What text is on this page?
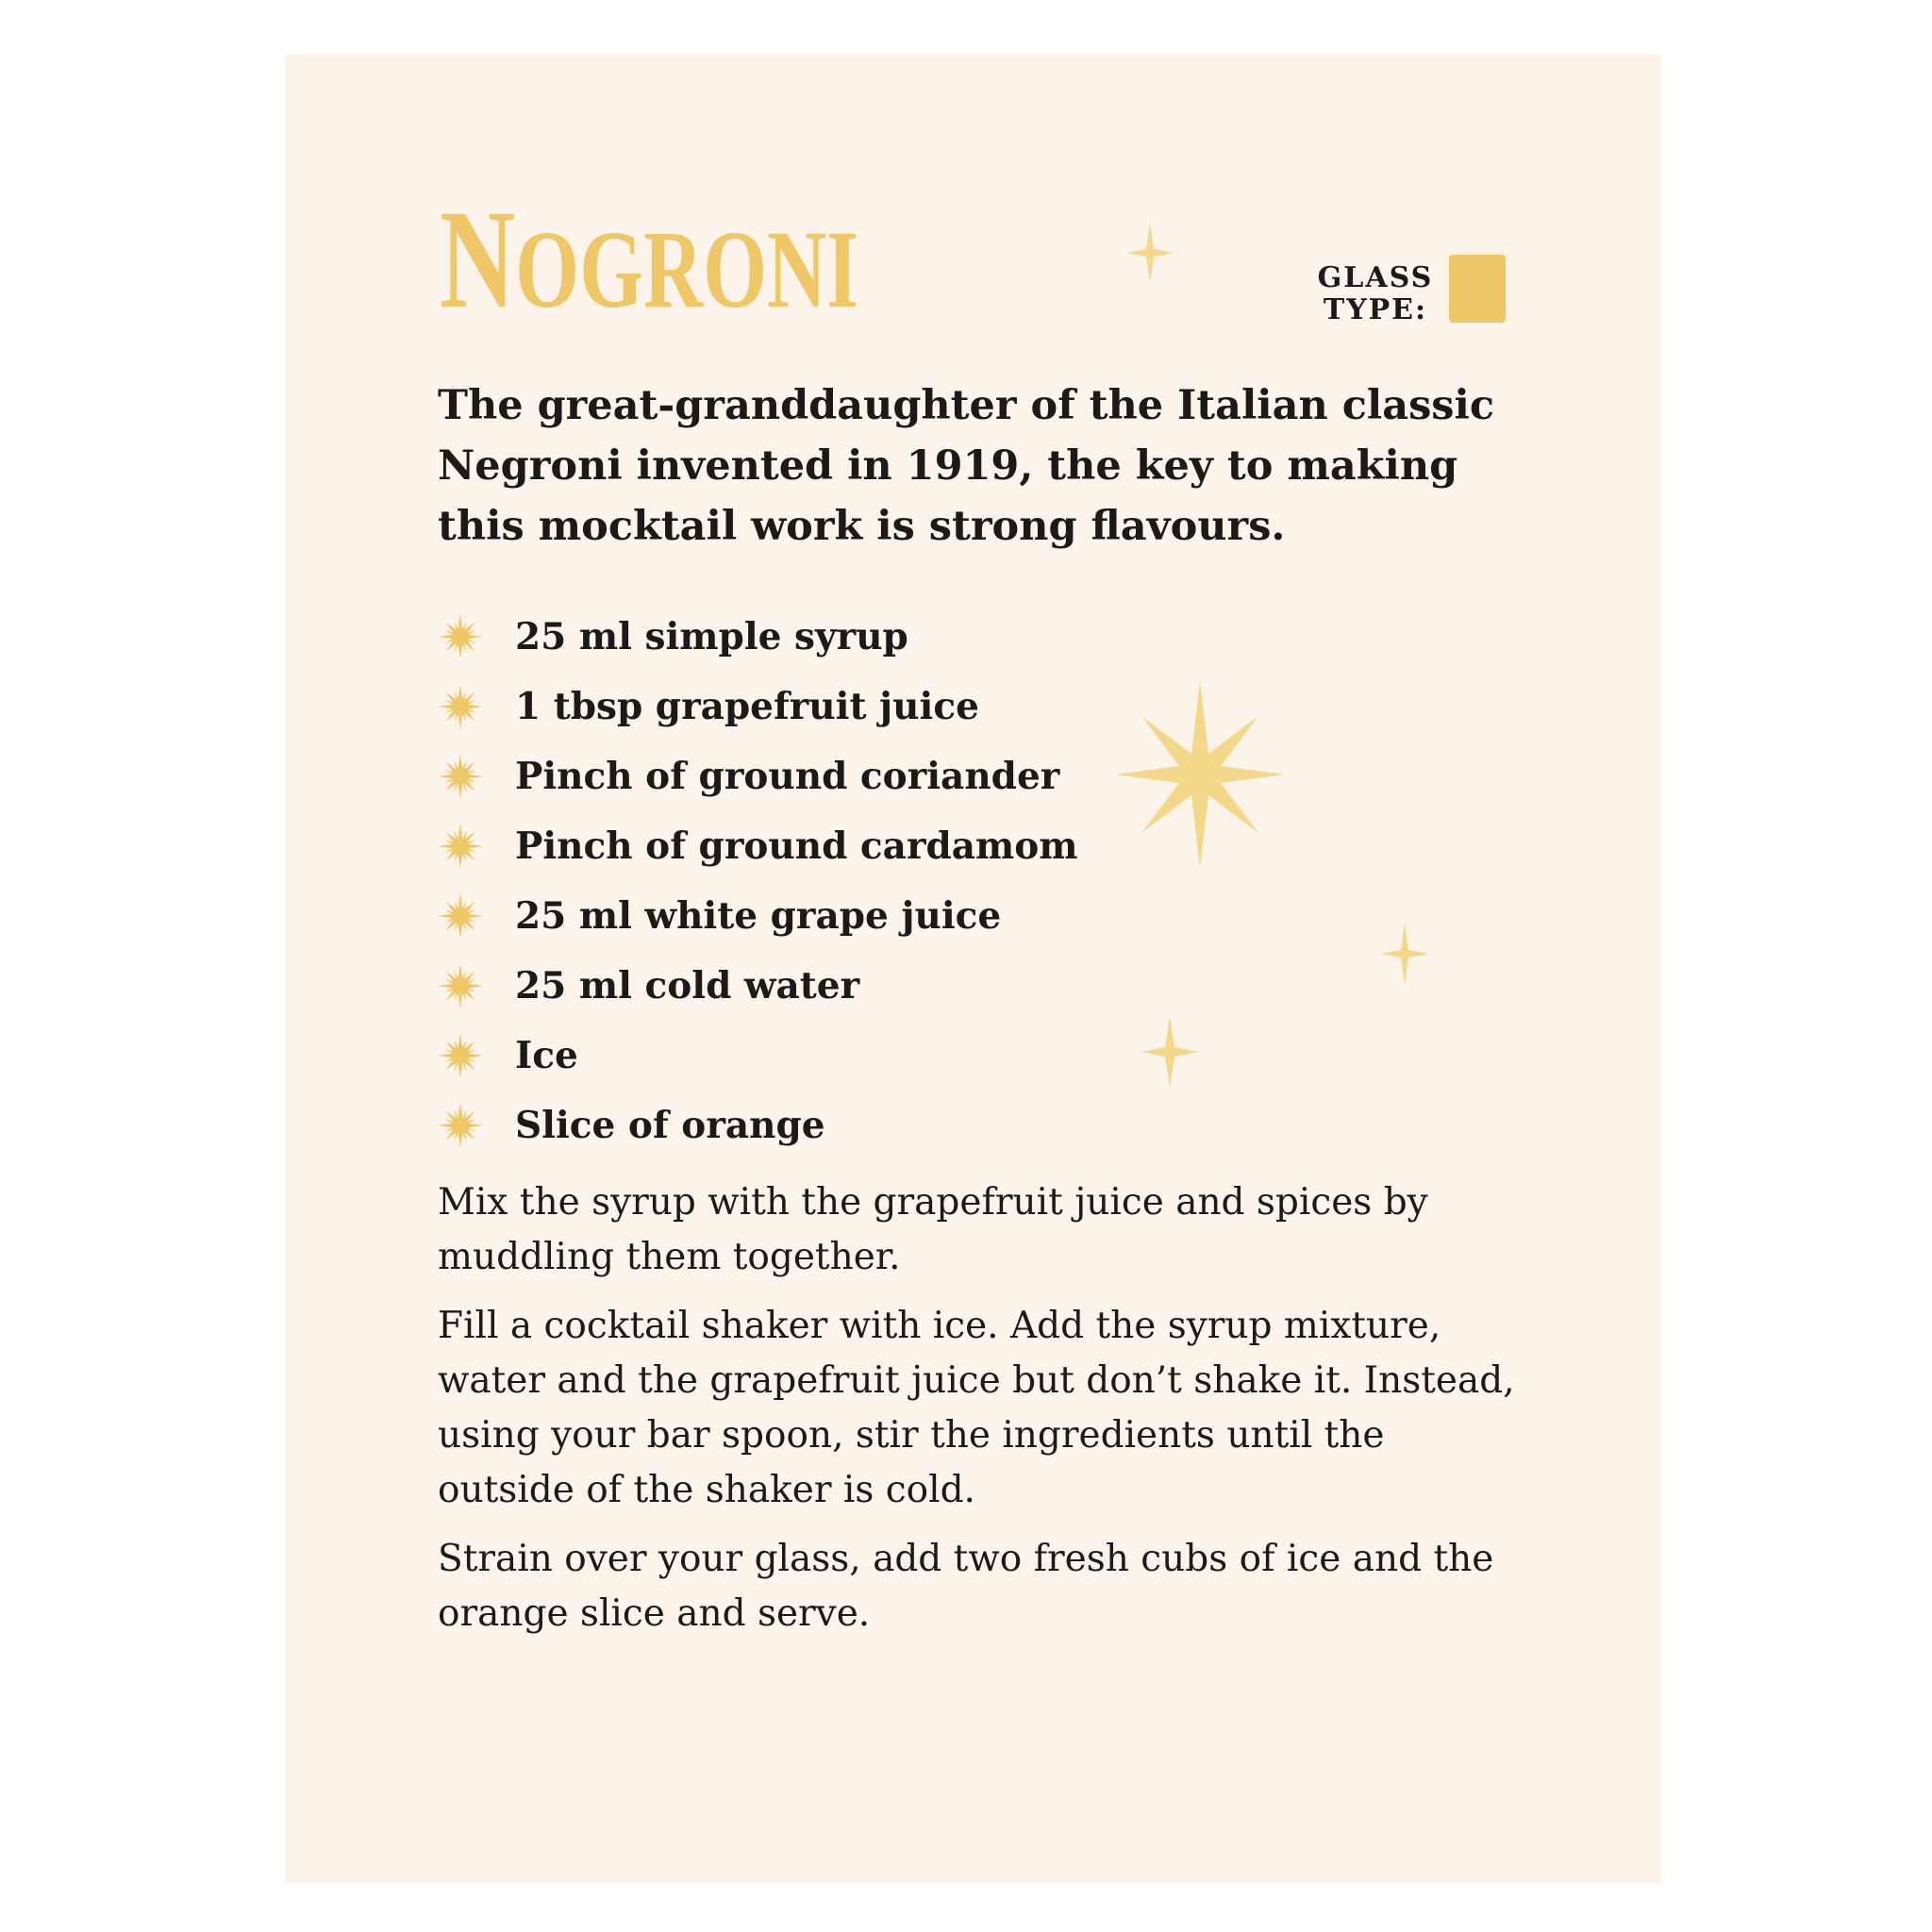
NOGRONI	GLASS
TYPE:

The great-granddaughter of the Italian classic Negroni invented in 1919, the key to making this mocktail work is strong flavours.

25 ml simple syrup
1 tbsp grapefruit juice
Pinch of ground coriander
Pinch of ground cardamom
25 ml white grape juice
25 ml cold water
Ice
Slice of orange

Mix the syrup with the grapefruit juice and spices by muddling them together.

Fill a cocktail shaker with ice. Add the syrup mixture, water and the grapefruit juice but don’t shake it. Instead, using your bar spoon, stir the ingredients until the outside of the shaker is cold.

Strain over your glass, add two fresh cubs of ice and the orange slice and serve.
